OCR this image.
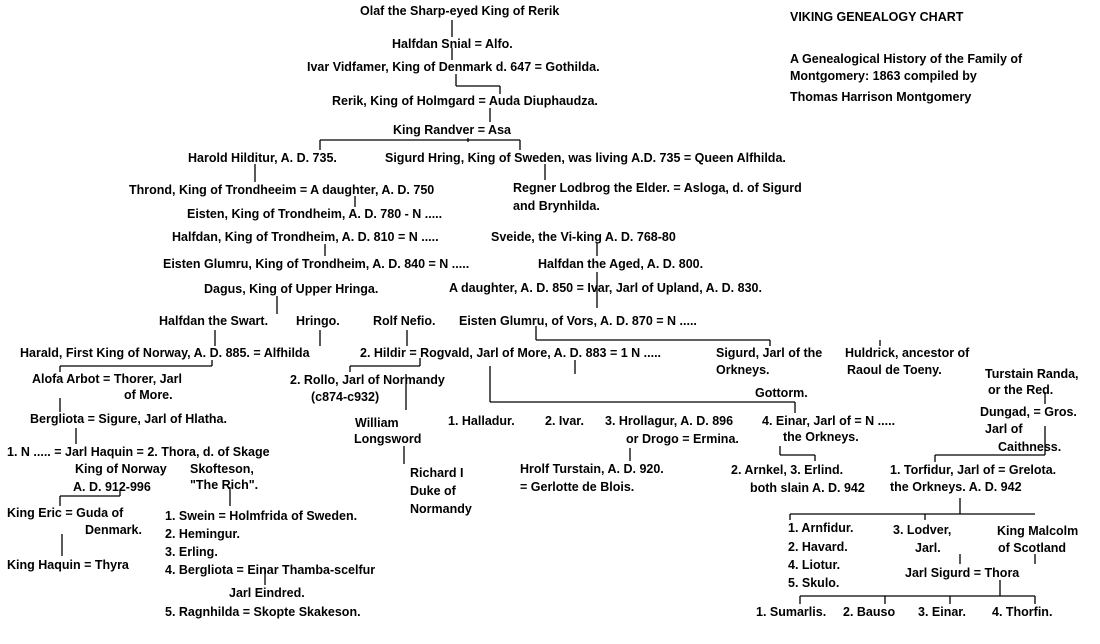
VIKING GENEALOGY CHART
A Genealogical History of the Family of
Montgomery: 1863 compiled by
Thomas Harrison Montgomery
Olaf the Sharp-eyed King of Rerik
Halfdan Snial = Alfo.
Ivar Vidfamer, King of Denmark d. 647 = Gothilda.
Rerik, King of Holmgard = Auda Diuphaudza.
King Randver = Asa
Harold Hilditur, A. D. 735.	Sigurd Hring, King of Sweden, was living A.D. 735 = Queen Alfhilda.
Thrond, King of Trondheeim = A daughter, A. D. 750	Regner Lodbrog the Elder. = Asloga, d. of Sigurd
and Brynhilda.
Eisten, King of Trondheim, A. D. 780 - N .....
Halfdan, King of Trondheim, A. D. 810 = N .....	Sveide, the Vi-king A. D. 768-80
Eisten Glumru, King of Trondheim, A. D. 840 = N .....	Halfdan the Aged, A. D. 800.
Dagus, King of Upper Hringa.	A daughter, A. D. 850 = Ivar, Jarl of Upland, A. D. 830.
Halfdan the Swart. Hringo.	Rolf Nefio. Eisten Glumru, of Vors, A. D. 870 = N .....
Harald, First King of Norway, A. D. 885. = Alfhilda	2. Hildir = Rogvald, Jarl of More, A. D. 883 = 1 N .....	Sigurd, Jarl of the
Orkneys.
Huldrick, ancestor of
Raoul de Toeny.	Turstain Randa,
or the Red.
Alofa Arbot = Thorer, Jarl
of More.
2. Rollo, Jarl of Normandy
(c874-c932)	Gottorm.
Dungad, = Gros.
Jarl of
Caithness.
Bergliota = Sigure, Jarl of Hlatha.	William
Longsword
1. Halladur. 2. Ivar. 3. Hrollagur, A. D. 896
or Drogo = Ermina.
4. Einar, Jarl of = N .....
the Orkneys.
1. N ..... = Jarl Haquin = 2. Thora, d. of Skage
King of Norway
A. D. 912-996
Skofteson,
"The Rich".
Richard I
Duke of
Normandy
Hrolf Turstain, A. D. 920.
= Gerlotte de Blois.
2. Arnkel, 3. Erlind.
both slain A. D. 942
1. Torfidur, Jarl of = Grelota.
the Orkneys. A. D. 942
King Eric = Guda of
Denmark.
1. Swein = Holmfrida of Sweden.
2. Hemingur.
3. Erling.
4. Bergliota = Einar Thamba-scelfur
Jarl Eindred.
5. Ragnhilda = Skopte Skakeson.
King Haquin = Thyra
1. Arnfidur.
2. Havard.
4. Liotur.
5. Skulo.
3. Lodver,
Jarl.
King Malcolm
of Scotland
Jarl Sigurd = Thora
1. Sumarlis. 2. Bauso 3. Einar. 4. Thorfin.
